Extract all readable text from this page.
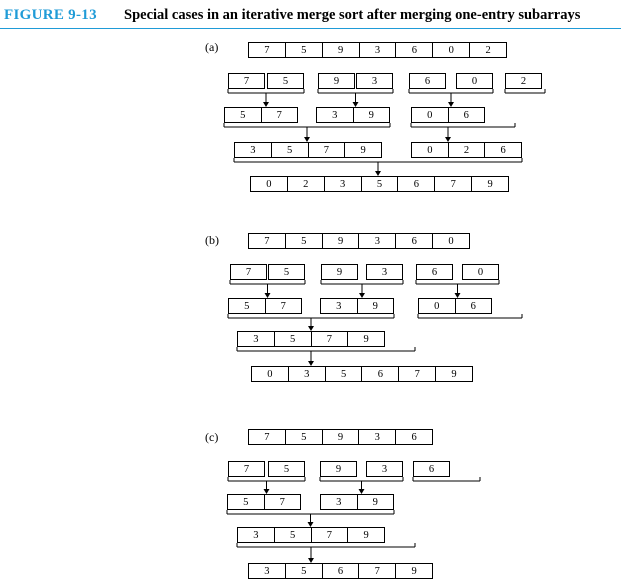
FIGURE 9-13 Special cases in an iterative merge sort after merging one-entry subarrays
(a)	7	5	9	3	6	0	2
7	5	9	3	6	0	2
5	7	3	9	0	6
3	5	7	9	0	2	6
0	2	3	5	6	7	9
(b)	7	5	9	3	6	0
7	5	9	3	6	0
5	7	3	9	0	6
3	5	7	9
0	3	5	6	7	9
(c)	7	5	9	3	6
7	5	9	3	6
5	7	3	9
3	5	7	9
3	5	6	7	9
